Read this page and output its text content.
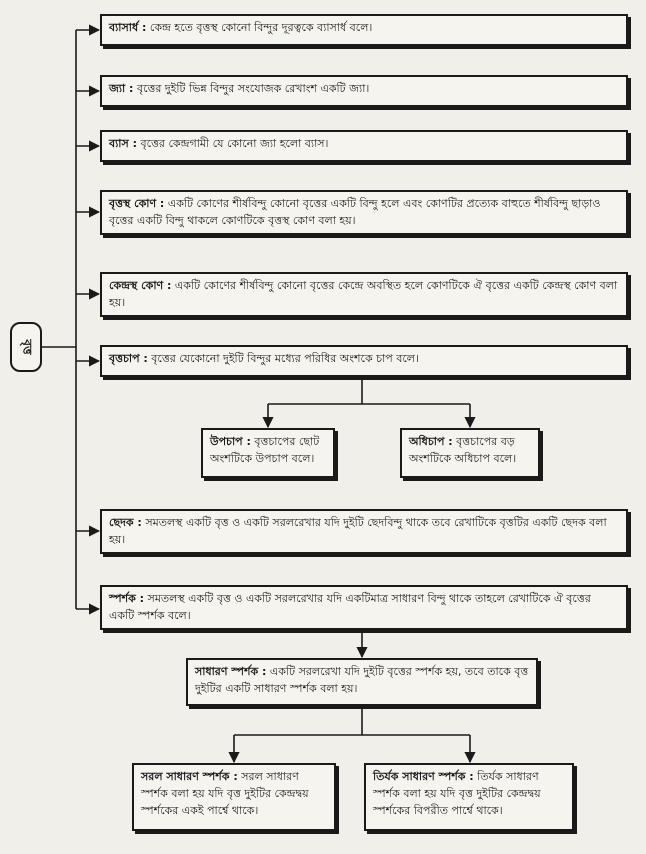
বৃত্ত
ব্যাসার্ধ : কেন্দ্র হতে বৃত্তস্থ কোনো বিন্দুর দূরত্বকে ব্যাসার্ধ বলে।
জ্যা : বৃত্তের দুইটি ভিন্ন বিন্দুর সংযোজক রেখাংশ একটি জ্যা।
ব্যাস : বৃত্তের কেন্দ্রগামী যে কোনো জ্যা হলো ব্যাস।
বৃত্তস্থ কোণ : একটি কোণের শীর্ষবিন্দু কোনো বৃত্তের একটি বিন্দু হলে এবং কোণটির প্রত্যেক বাহুতে শীর্ষবিন্দু ছাড়াও বৃত্তের একটি বিন্দু থাকলে কোণটিকে বৃত্তস্থ কোণ বলা হয়।
কেন্দ্রস্থ কোণ : একটি কোণের শীর্ষবিন্দু কোনো বৃত্তের কেন্দ্রে অবস্থিত হলে কোণটিকে ঐ বৃত্তের একটি কেন্দ্রস্থ কোণ বলা হয়।
বৃত্তচাপ : বৃত্তের যেকোনো দুইটি বিন্দুর মধ্যের পরিধির অংশকে চাপ বলে।
উপচাপ : বৃত্তচাপের ছোট অংশটিকে উপচাপ বলে।
অধিচাপ : বৃত্তচাপের বড় অংশটিকে অধিচাপ বলে।
ছেদক : সমতলস্থ একটি বৃত্ত ও একটি সরলরেখার যদি দুইটি ছেদবিন্দু থাকে তবে রেখাটিকে বৃত্তটির একটি ছেদক বলা হয়।
স্পর্শক : সমতলস্থ একটি বৃত্ত ও একটি সরলরেখার যদি একটিমাত্র সাধারণ বিন্দু থাকে তাহলে রেখাটিকে ঐ বৃত্তের একটি স্পর্শক বলে।
সাধারণ স্পর্শক : একটি সরলরেখা যদি দুইটি বৃত্তের স্পর্শক হয়, তবে তাকে বৃত্ত দুইটির একটি সাধারণ স্পর্শক বলা হয়।
সরল সাধারণ স্পর্শক : সরল সাধারণ স্পর্শক বলা হয় যদি বৃত্ত দুইটির কেন্দ্রদ্বয় স্পর্শকের একই পার্শ্বে থাকে।
তির্যক সাধারণ স্পর্শক : তির্যক সাধারণ স্পর্শক বলা হয় যদি বৃত্ত দুইটির কেন্দ্রদ্বয় স্পর্শকের বিপরীত পার্শ্বে থাকে।
